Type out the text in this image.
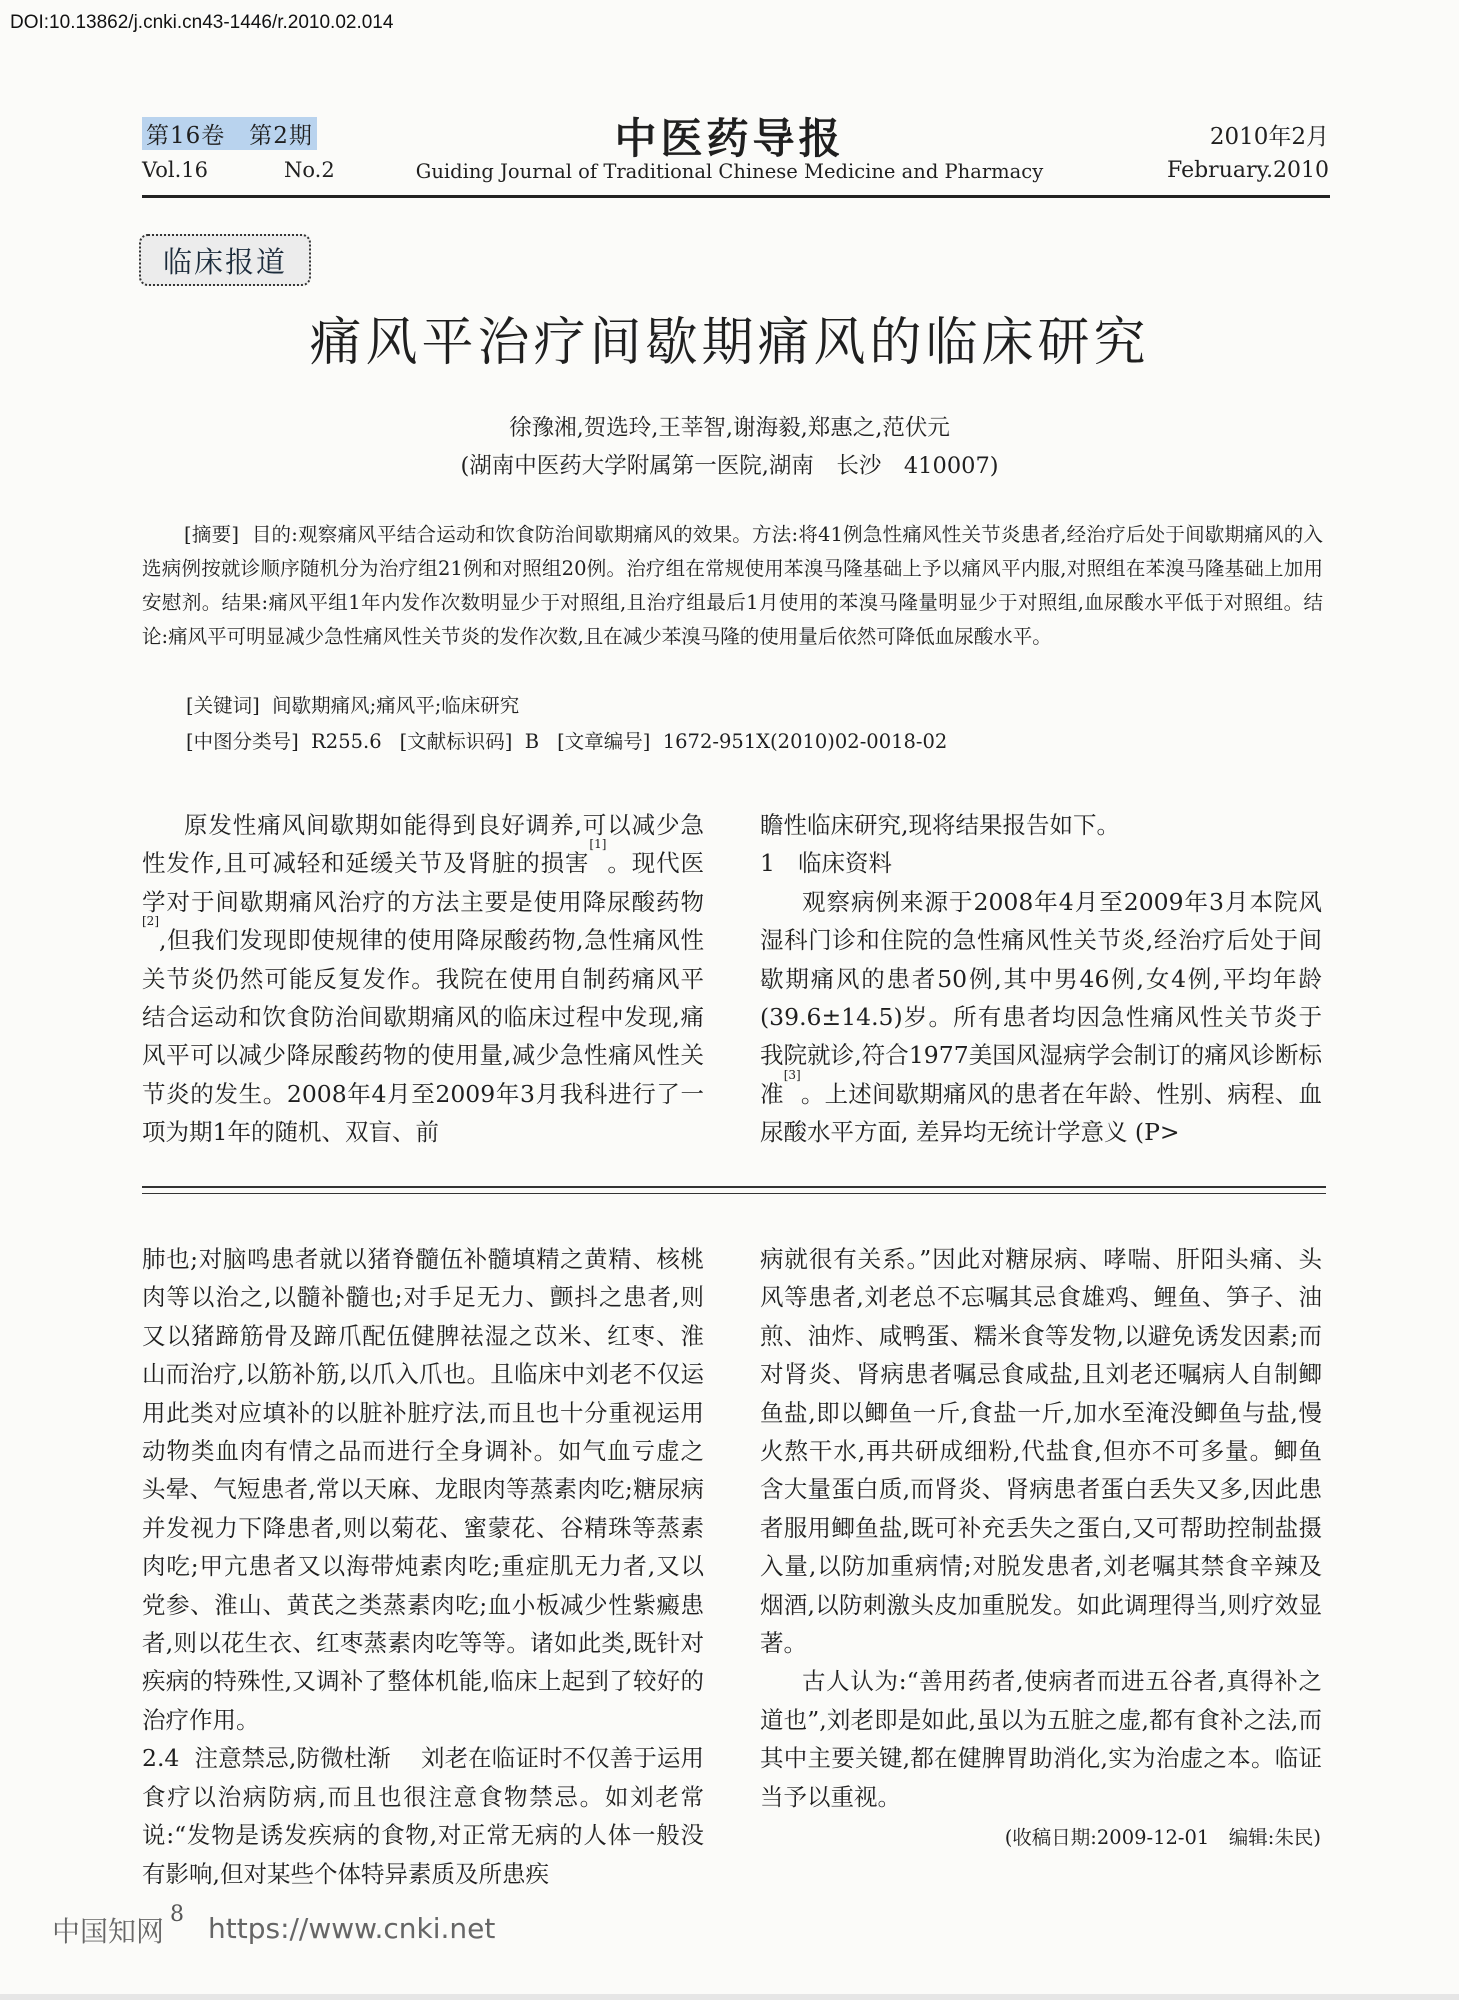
DOI:10.13862/j.cnki.cn43-1446/r.2010.02.014
第16卷　第2期
Vol.16	No.2
中医药导报
Guiding Journal of Traditional Chinese Medicine and Pharmacy
2010年2月
February.2010
临床报道
痛风平治疗间歇期痛风的临床研究
徐豫湘,贺选玲,王莘智,谢海毅,郑惠之,范伏元
(湖南中医药大学附属第一医院,湖南　长沙　410007)

[摘要] 目的:观察痛风平结合运动和饮食防治间歇期痛风的效果。方法:将41例急性痛风性关节炎患者,经治疗后处于间歇期痛风的入选病例按就诊顺序随机分为治疗组21例和对照组20例。治疗组在常规使用苯溴马隆基础上予以痛风平内服,对照组在苯溴马隆基础上加用安慰剂。结果:痛风平组1年内发作次数明显少于对照组,且治疗组最后1月使用的苯溴马隆量明显少于对照组,血尿酸水平低于对照组。结论:痛风平可明显减少急性痛风性关节炎的发作次数,且在减少苯溴马隆的使用量后依然可降低血尿酸水平。

[关键词] 间歇期痛风;痛风平;临床研究
[中图分类号] R255.6 [文献标识码] B [文章编号] 1672-951X(2010)02-0018-02

原发性痛风间歇期如能得到良好调养,可以减少急性发作,且可减轻和延缓关节及肾脏的损害[1]。现代医学对于间歇期痛风治疗的方法主要是使用降尿酸药物[2],但我们发现即使规律的使用降尿酸药物,急性痛风性关节炎仍然可能反复发作。我院在使用自制药痛风平结合运动和饮食防治间歇期痛风的临床过程中发现,痛风平可以减少降尿酸药物的使用量,减少急性痛风性关节炎的发生。2008年4月至2009年3月我科进行了一项为期1年的随机、双盲、前

瞻性临床研究,现将结果报告如下。

1 临床资料

观察病例来源于2008年4月至2009年3月本院风湿科门诊和住院的急性痛风性关节炎,经治疗后处于间歇期痛风的患者50例,其中男46例,女4例,平均年龄(39.6±14.5)岁。所有患者均因急性痛风性关节炎于我院就诊,符合1977美国风湿病学会制订的痛风诊断标准[3]。上述间歇期痛风的患者在年龄、性别、病程、血尿酸水平方面, 差异均无统计学意义 (P>

肺也;对脑鸣患者就以猪脊髓伍补髓填精之黄精、核桃肉等以治之,以髓补髓也;对手足无力、颤抖之患者,则又以猪蹄筋骨及蹄爪配伍健脾祛湿之苡米、红枣、淮山而治疗,以筋补筋,以爪入爪也。且临床中刘老不仅运用此类对应填补的以脏补脏疗法,而且也十分重视运用动物类血肉有情之品而进行全身调补。如气血亏虚之头晕、气短患者,常以天麻、龙眼肉等蒸素肉吃;糖尿病并发视力下降患者,则以菊花、蜜蒙花、谷精珠等蒸素肉吃;甲亢患者又以海带炖素肉吃;重症肌无力者,又以党参、淮山、黄芪之类蒸素肉吃;血小板减少性紫癜患者,则以花生衣、红枣蒸素肉吃等等。诸如此类,既针对疾病的特殊性,又调补了整体机能,临床上起到了较好的治疗作用。

2.4 注意禁忌,防微杜渐 刘老在临证时不仅善于运用食疗以治病防病,而且也很注意食物禁忌。如刘老常说:“发物是诱发疾病的食物,对正常无病的人体一般没有影响,但对某些个体特异素质及所患疾

病就很有关系。”因此对糖尿病、哮喘、肝阳头痛、头风等患者,刘老总不忘嘱其忌食雄鸡、鲤鱼、笋子、油煎、油炸、咸鸭蛋、糯米食等发物,以避免诱发因素;而对肾炎、肾病患者嘱忌食咸盐,且刘老还嘱病人自制鲫鱼盐,即以鲫鱼一斤,食盐一斤,加水至淹没鲫鱼与盐,慢火熬干水,再共研成细粉,代盐食,但亦不可多量。鲫鱼含大量蛋白质,而肾炎、肾病患者蛋白丢失又多,因此患者服用鲫鱼盐,既可补充丢失之蛋白,又可帮助控制盐摄入量,以防加重病情;对脱发患者,刘老嘱其禁食辛辣及烟酒,以防刺激头皮加重脱发。如此调理得当,则疗效显著。

古人认为:“善用药者,使病者而进五谷者,真得补之道也”,刘老即是如此,虽以为五脏之虚,都有食补之法,而其中主要关键,都在健脾胃助消化,实为治虚之本。临证当予以重视。

(收稿日期:2009-12-01　编辑:朱民)
中国知网
8 https://www.cnki.net
